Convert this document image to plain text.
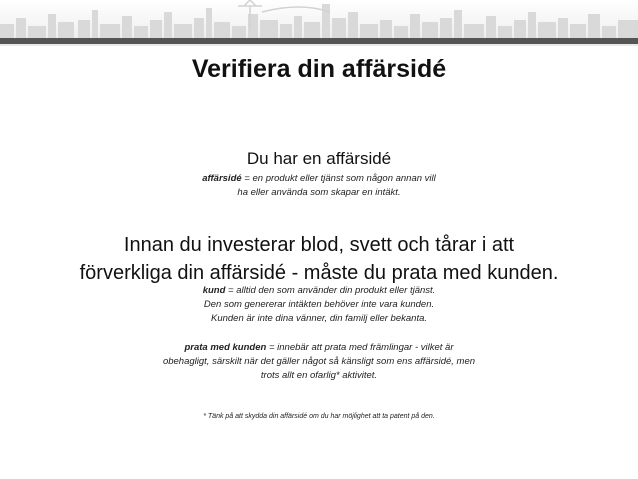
Verifiera din affärsidé
Du har en affärsidé
affärsidé = en produkt eller tjänst som någon annan vill
ha eller använda som skapar en intäkt.
Innan du investerar blod, svett och tårar i att
förverkliga din affärsidé - måste du prata med kunden.
kund = alltid den som använder din produkt eller tjänst.
Den som genererar intäkten behöver inte vara kunden.
Kunden är inte dina vänner, din familj eller bekanta.
prata med kunden = innebär att prata med främlingar - vilket är
obehagligt, särskilt när det gäller något så känsligt som ens affärsidé, men
trots allt en ofarlig* aktivitet.
* Tänk på att skydda din affärsidé om du har möjlighet att ta patent på den.
